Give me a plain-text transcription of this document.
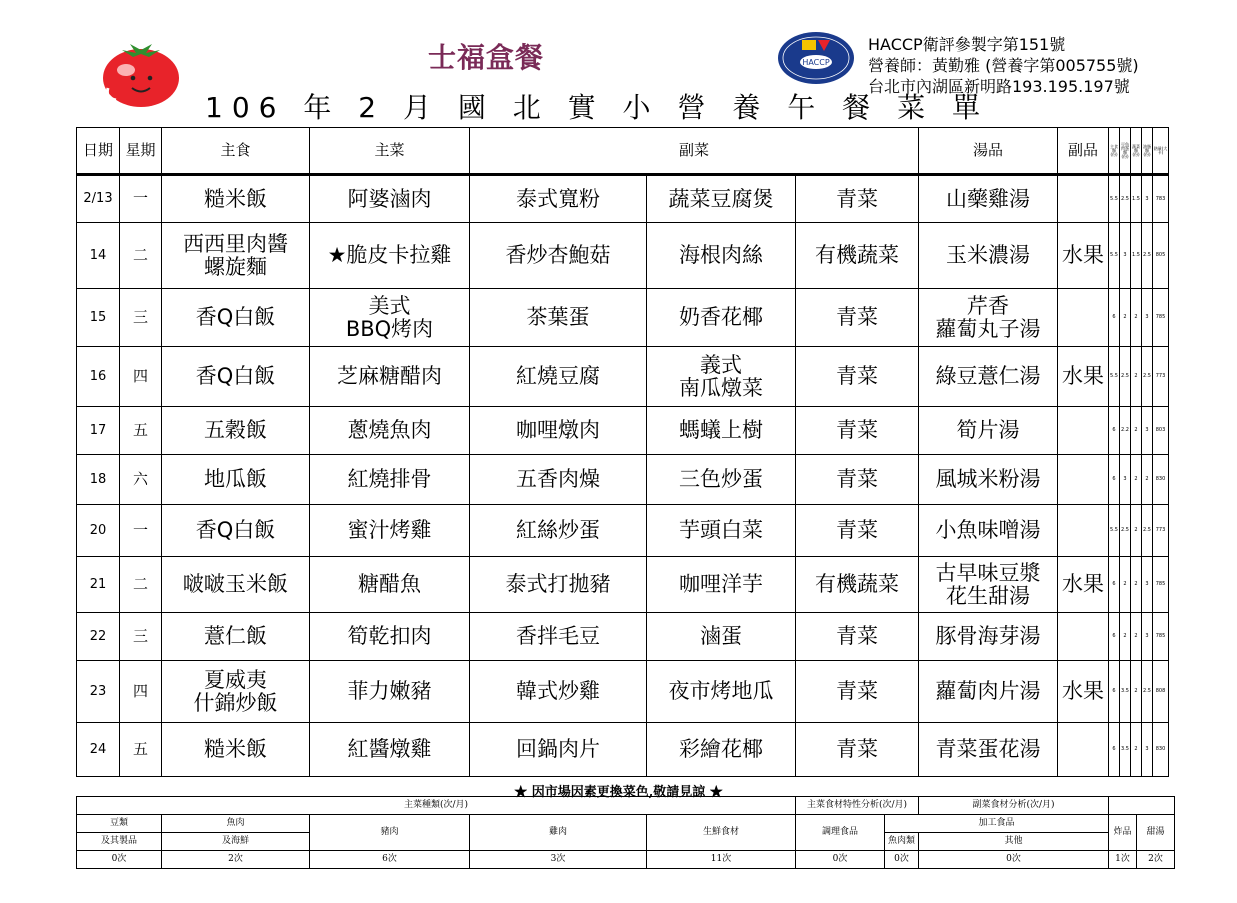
士福盒餐
106 年 2 月 國 北 實 小 營 養 午 餐 菜 單
HACCP
HACCP衛評參製字第151號
營養師：黃勤雅 (營養字第005755號)
台北市內湖區新明路193.195.197號
日期	星期	主食	主菜	副菜			湯品	副品	主食類(份)	豆魚肉蛋類(份)	蔬菜類(份)	油脂類(份)	熱量(大卡)
2/13	一	糙米飯	阿婆滷肉	泰式寬粉	蔬菜豆腐煲	青菜	山藥雞湯		5.5	2.5	1.5	3	783
14	二	西西里肉醬
螺旋麵	★脆皮卡拉雞	香炒杏鮑菇	海根肉絲	有機蔬菜	玉米濃湯	水果	5.5	3	1.5	2.5	805
15	三	香Q白飯	美式
BBQ烤肉	茶葉蛋	奶香花椰	青菜	芹香
蘿蔔丸子湯		6	2	2	3	785
16	四	香Q白飯	芝麻糖醋肉	紅燒豆腐	義式
南瓜燉菜	青菜	綠豆薏仁湯	水果	5.5	2.5	2	2.5	773
17	五	五穀飯	蔥燒魚肉	咖哩燉肉	螞蟻上樹	青菜	筍片湯		6	2.2	2	3	803
18	六	地瓜飯	紅燒排骨	五香肉燥	三色炒蛋	青菜	風城米粉湯		6	3	2	2	830
20	一	香Q白飯	蜜汁烤雞	紅絲炒蛋	芋頭白菜	青菜	小魚味噌湯		5.5	2.5	2	2.5	773
21	二	啵啵玉米飯	糖醋魚	泰式打拋豬	咖哩洋芋	有機蔬菜	古早味豆漿
花生甜湯	水果	6	2	2	3	785
22	三	薏仁飯	筍乾扣肉	香拌毛豆	滷蛋	青菜	豚骨海芽湯		6	2	2	3	785
23	四	夏威夷
什錦炒飯	菲力嫩豬	韓式炒雞	夜市烤地瓜	青菜	蘿蔔肉片湯	水果	6	3.5	2	2.5	808
24	五	糙米飯	紅醬燉雞	回鍋肉片	彩繪花椰	青菜	青菜蛋花湯		6	3.5	2	3	830
★ 因市場因素更換菜色,敬請見諒 ★
主菜種類(次/月)					主菜食材特性分析(次/月)		副菜食材分析(次/月)		
豆類	魚肉	豬肉	雞肉	生鮮食材	調理食品	加工食品		炸品	甜湯
及其製品	及海鮮					魚肉類	其他		
0次	2次	6次	3次	11次	0次	0次	0次	1次	2次
